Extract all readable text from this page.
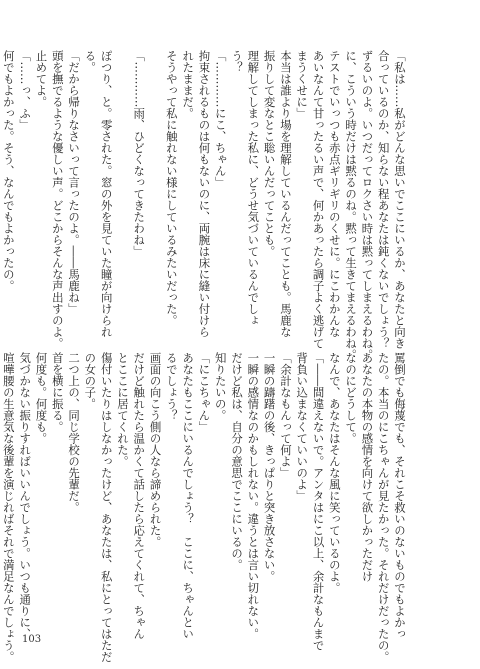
「私は……私がどんな思いでここにいるか、あなたと向き
合っているのか、知らない程あなたは鈍くないでしょう？
ずるいのよ。いつだってロクさい時は黙ってしまえるわね。
に、こういう時だけは黙るのね。黙って生きてまえるわね。
テストでいっつも赤点ギリギリのくせに。にこわかんな
あいなんて甘ったるい声で、何かあったら調子よく逃げて
まうくせに」
本当は誰より場を理解しているんだってことも。馬鹿な
振りして変なとこ聡いんだってことも。
理解してしまった私に、どうせ気づいているんでしょ
う？
「…………にこ、ちゃん」
拘束されるものは何もないのに、両腕は床に縫い付けら
れたままだ。
そうやって私に触れない様にしているみたいだった。

「…………雨、ひどくなってきたわね」

ぽつり、と。零された。窓の外を見ていた瞳が向けられ
る。
「だから帰りなさいって言ったのよ。――馬鹿ね」
頭を撫でるような優しい声。どこからそんな声出すのよ。
止めてよ。
「……っ、ふ」
何でもよかった。そう、なんでもよかったの。
罵倒でも侮蔑でも、それこそ救いのないものでもよかっ
たの。本当のにこちゃんが見たかった。それだけだったの。
あなたの本物の感情を向けて欲しかっただけ
なのにどうして。
なんで、あなたはそんな風に笑っているのよ。
「――間違えないで。アンタはにこ以上、余計なもんまで
背負い込まなくていいのよ」
「余計なもんって何よ」
一瞬の躊躇の後、きっぱりと突き放さない。
一瞬の感情なのかもしれない。違うとは言い切れない。
だけど私は、自分の意思でここにいるの。
知りたいの。
「にこちゃん」
あなたもここにいるんでしょう？　ここに、ちゃんとい
るでしょう？
画面の向こう側の人なら諦められた。
だけど触れたら温かくて話したら応えてくれて、ちゃん
とここに居てくれた。
傷付いたりはしなかったけど、あなたは、私にとってはただ
の女の子。
二つ上の、同じ学校の先輩だ。
首を横に振る。
何度も。何度も。
気づかない振りすればいいんでしょう。いつも通りに、
喧嘩腰の生意気な後輩を演じればそれで満足なんでしょう。 103
